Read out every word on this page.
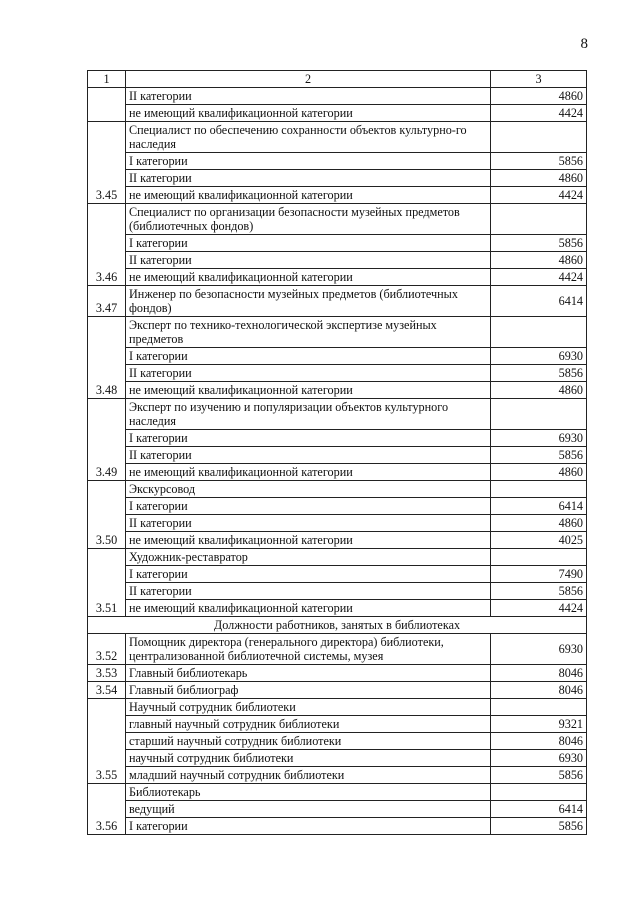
8
1	2	3
	II категории	4860
	не имеющий квалификационной категории	4424
3.45	Специалист по обеспечению сохранности объектов культурно-го наследия	
	I категории	5856
	II категории	4860
	не имеющий квалификационной категории	4424
3.46	Специалист по организации безопасности музейных предметов (библиотечных фондов)	
	I категории	5856
	II категории	4860
	не имеющий квалификационной категории	4424
3.47	Инженер по безопасности музейных предметов (библиотечных фондов)	6414
3.48	Эксперт по технико-технологической экспертизе музейных предметов	
	I категории	6930
	II категории	5856
	не имеющий квалификационной категории	4860
3.49	Эксперт по изучению и популяризации объектов культурного наследия	
	I категории	6930
	II категории	5856
	не имеющий квалификационной категории	4860
3.50	Экскурсовод	
	I категории	6414
	II категории	4860
	не имеющий квалификационной категории	4025
3.51	Художник-реставратор	
	I категории	7490
	II категории	5856
	не имеющий квалификационной категории	4424
Должности работников, занятых в библиотеках		
3.52	Помощник директора (генерального директора) библиотеки, централизованной библиотечной системы, музея	6930
3.53	Главный библиотекарь	8046
3.54	Главный библиограф	8046
3.55	Научный сотрудник библиотеки	
	главный научный сотрудник библиотеки	9321
	старший научный сотрудник библиотеки	8046
	научный сотрудник библиотеки	6930
	младший научный сотрудник библиотеки	5856
3.56	Библиотекарь	
	ведущий	6414
	I категории	5856
